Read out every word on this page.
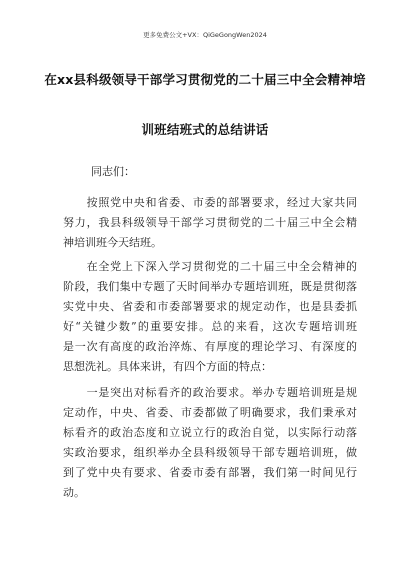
更多免费公文+VX：QiGeGongWen2024
在xx县科级领导干部学习贯彻党的二十届三中全会精神培
训班结班式的总结讲话
同志们：
　　按照党中央和省委、市委的部署要求，经过大家共同
努力，我县科级领导干部学习贯彻党的二十届三中全会精
神培训班今天结班。
　　在全党上下深入学习贯彻党的二十届三中全会精神的
阶段，我们集中专题了天时间举办专题培训班，既是贯彻落
实党中央、省委和市委部署要求的规定动作，也是县委抓
好“关键少数”的重要安排。总的来看，这次专题培训班
是一次有高度的政治淬炼、有厚度的理论学习、有深度的
思想洗礼。具体来讲，有四个方面的特点：
　　一是突出对标看齐的政治要求。举办专题培训班是规
定动作，中央、省委、市委都做了明确要求，我们秉承对
标看齐的政治态度和立说立行的政治自觉，以实际行动落
实政治要求，组织举办全县科级领导干部专题培训班，做
到了党中央有要求、省委市委有部署，我们第一时间见行
动。
